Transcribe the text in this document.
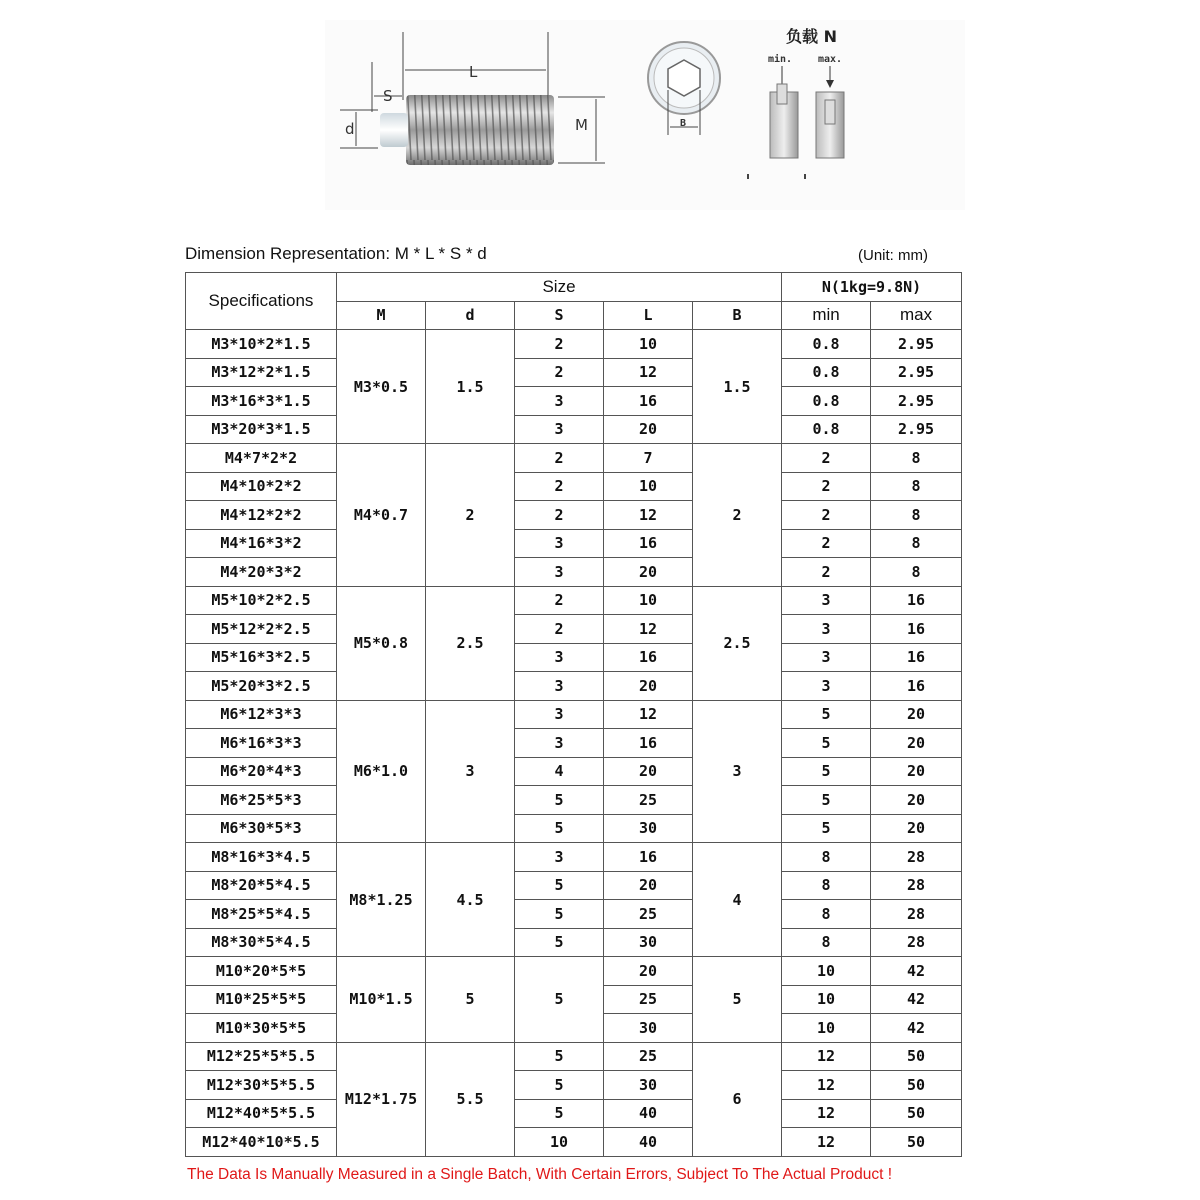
L
S
d	M	B
负载 N
min.	max.
Dimension Representation: M * L * S * d	(Unit: mm)
Specifications	Size					N(1kg=9.8N)	
	M	d	S	L	B	min	max
M3*10*2*1.5	M3*0.5	1.5	2	10	1.5	0.8	2.95
M3*12*2*1.5			2	12		0.8	2.95
M3*16*3*1.5			3	16		0.8	2.95
M3*20*3*1.5			3	20		0.8	2.95
M4*7*2*2	M4*0.7	2	2	7	2	2	8
M4*10*2*2			2	10		2	8
M4*12*2*2			2	12		2	8
M4*16*3*2			3	16		2	8
M4*20*3*2			3	20		2	8
M5*10*2*2.5	M5*0.8	2.5	2	10	2.5	3	16
M5*12*2*2.5			2	12		3	16
M5*16*3*2.5			3	16		3	16
M5*20*3*2.5			3	20		3	16
M6*12*3*3	M6*1.0	3	3	12	3	5	20
M6*16*3*3			3	16		5	20
M6*20*4*3			4	20		5	20
M6*25*5*3			5	25		5	20
M6*30*5*3			5	30		5	20
M8*16*3*4.5	M8*1.25	4.5	3	16	4	8	28
M8*20*5*4.5			5	20		8	28
M8*25*5*4.5			5	25		8	28
M8*30*5*4.5			5	30		8	28
M10*20*5*5	M10*1.5	5	5	20	5	10	42
M10*25*5*5				25		10	42
M10*30*5*5				30		10	42
M12*25*5*5.5	M12*1.75	5.5	5	25	6	12	50
M12*30*5*5.5			5	30		12	50
M12*40*5*5.5			5	40		12	50
M12*40*10*5.5			10	40		12	50
The Data Is Manually Measured in a Single Batch, With Certain Errors, Subject To The Actual Product !
